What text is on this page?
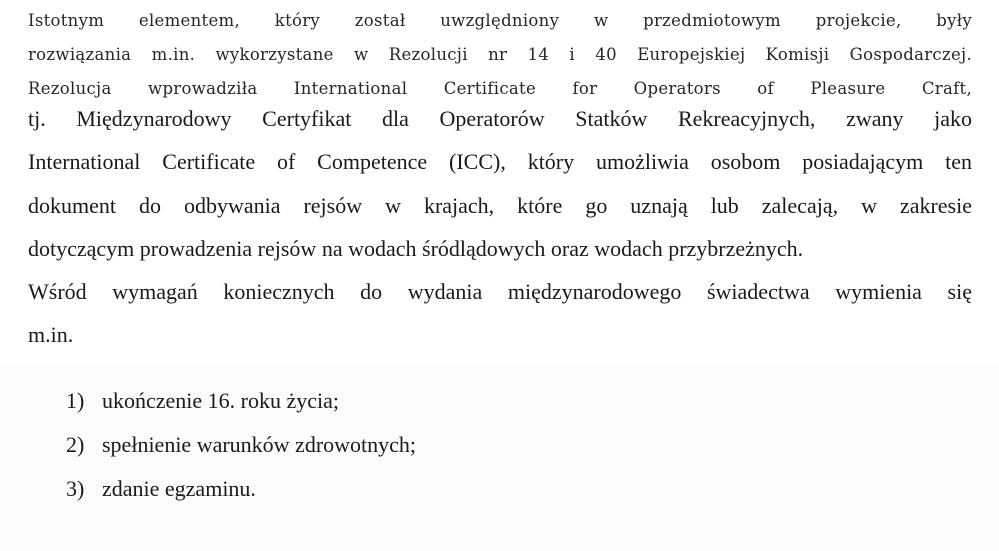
Istotnym elementem, który został uwzględniony w przedmiotowym projekcie, były
rozwiązania m.in. wykorzystane w Rezolucji nr 14 i 40 Europejskiej Komisji Gospodarczej.
Rezolucja wprowadziła International Certificate for Operators of Pleasure Craft,
tj. Międzynarodowy Certyfikat dla Operatorów Statków Rekreacyjnych, zwany jako
International Certificate of Competence (ICC), który umożliwia osobom posiadającym ten
dokument do odbywania rejsów w krajach, które go uznają lub zalecają, w zakresie
dotyczącym prowadzenia rejsów na wodach śródlądowych oraz wodach przybrzeżnych.
Wśród wymagań koniecznych do wydania międzynarodowego świadectwa wymienia się
m.in.
1) ukończenie 16. roku życia;
2) spełnienie warunków zdrowotnych;
3) zdanie egzaminu.
